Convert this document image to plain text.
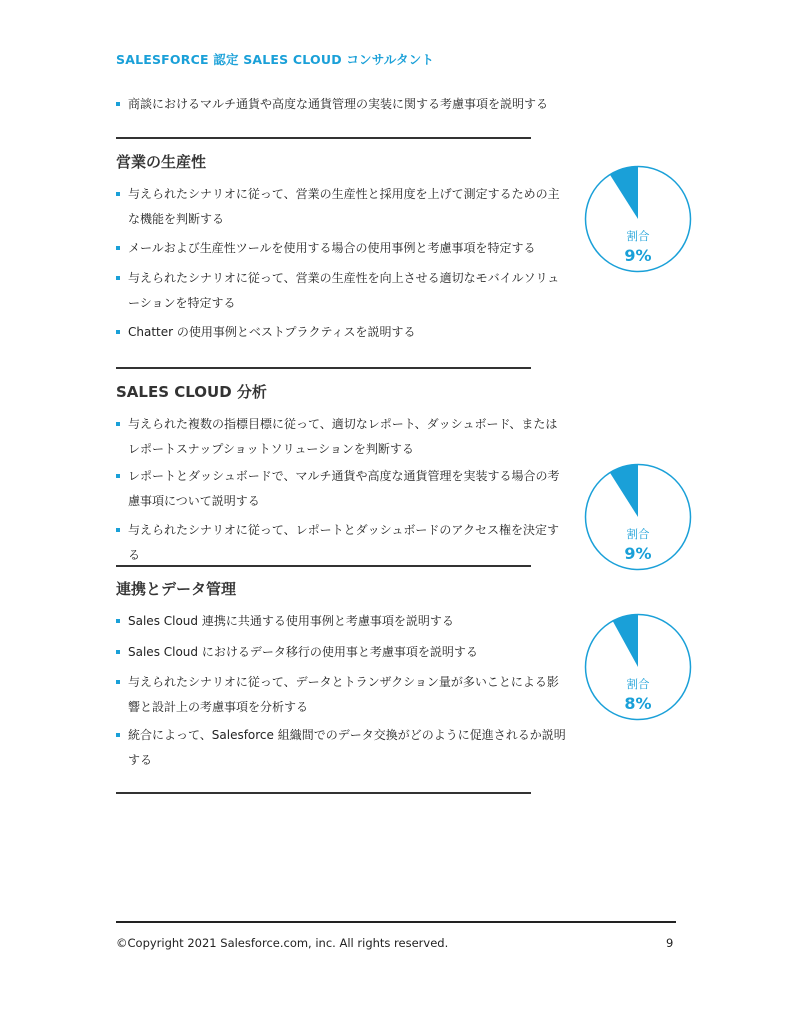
SALESFORCE 認定 SALES CLOUD コンサルタント
商談におけるマルチ通貨や高度な通貨管理の実装に関する考慮事項を説明する
営業の生産性
与えられたシナリオに従って、営業の生産性と採用度を上げて測定するための主な機能を判断する
メールおよび生産性ツールを使用する場合の使用事例と考慮事項を特定する
与えられたシナリオに従って、営業の生産性を向上させる適切なモバイルソリューションを特定する
Chatter の使用事例とベストプラクティスを説明する
割合
9%
SALES CLOUD 分析
与えられた複数の指標目標に従って、適切なレポート、ダッシュボード、またはレポートスナップショットソリューションを判断する
レポートとダッシュボードで、マルチ通貨や高度な通貨管理を実装する場合の考慮事項について説明する
与えられたシナリオに従って、レポートとダッシュボードのアクセス権を決定する
割合
9%
連携とデータ管理
Sales Cloud 連携に共通する使用事例と考慮事項を説明する
Sales Cloud におけるデータ移行の使用事と考慮事項を説明する
与えられたシナリオに従って、データとトランザクション量が多いことによる影響と設計上の考慮事項を分析する
統合によって、Salesforce 組織間でのデータ交換がどのように促進されるか説明する
割合
8%
©Copyright 2021 Salesforce.com, inc. All rights reserved.	9
